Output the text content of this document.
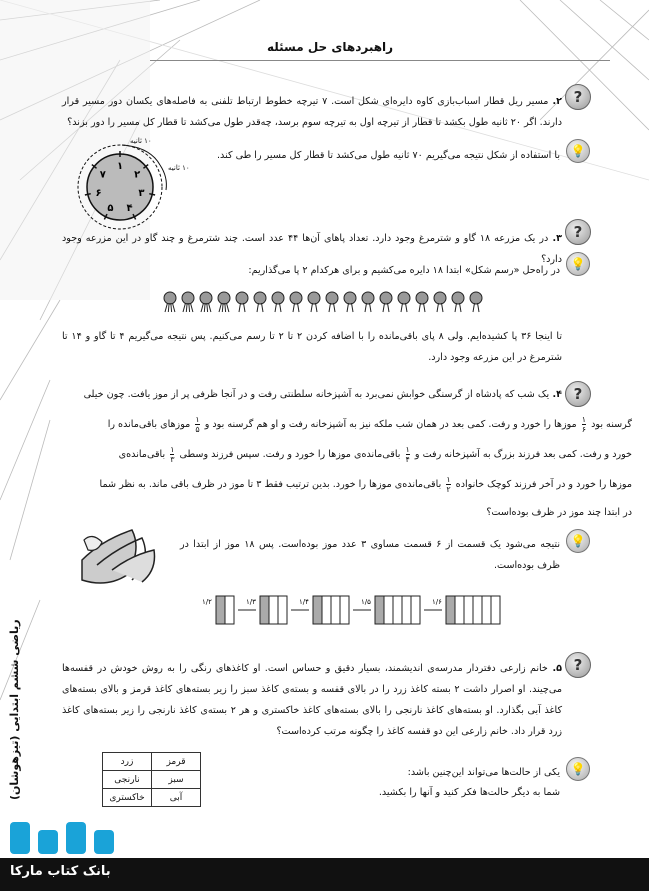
راهبردهای حل مسئله
ریاضی ششم ابتدایی (تیزهوشان)
?
۲. مسیر ریل قطار اسباب‌بازی کاوه دایره‌ای شکل است. ۷ تیرچه خطوط ارتباط تلفنی به فاصله‌های یکسان دور مسیر قرار دارند. اگر ۲۰ ثانیه طول بکشد تا قطار از تیرچه اول به تیرچه سوم برسد، چه‌قدر طول می‌کشد تا قطار کل مسیر را دور بزند؟
۱
۲
۳
۴
۵
۶
۷
۱۰ ثانیه
۱۰ ثانیه
💡
با استفاده از شکل نتیجه می‌گیریم ۷۰ ثانیه طول می‌کشد تا قطار کل مسیر را طی کند.
?
۳. در یک مزرعه ۱۸ گاو و شترمرغ وجود دارد. تعداد پاهای آن‌ها ۴۴ عدد است. چند شترمرغ و چند گاو در این مزرعه وجود دارد؟ 💡
در راه‌حل «رسم شکل» ابتدا ۱۸ دایره می‌کشیم و برای هرکدام ۲ پا می‌گذاریم:
تا اینجا ۳۶ پا کشیده‌ایم. ولی ۸ پای باقی‌مانده را با اضافه کردن ۲ تا ۲ تا رسم می‌کنیم. پس نتیجه می‌گیریم ۴ تا گاو و ۱۴ تا شترمرغ در این مزرعه وجود دارد.
?
۴. یک شب که پادشاه از گرسنگی خوابش نمی‌برد به آشپزخانه سلطنتی رفت و در آنجا ظرفی پر از موز یافت. چون خیلی
گرسنه بود
$\frac{۱}{۶}$
موزها را خورد و رفت. کمی بعد در همان شب ملکه نیز به آشپزخانه رفت و او هم گرسنه بود و
$\frac{۱}{۵}$
موزهای باقی‌مانده را
خورد و رفت. کمی بعد فرزند بزرگ به آشپزخانه رفت و
$\frac{۱}{۴}$
باقی‌مانده‌ی موزها را خورد و رفت. سپس فرزند وسطی
$\frac{۱}{۳}$
باقی‌مانده‌ی
موزها را خورد و در آخر فرزند کوچک خانواده
$\frac{۱}{۲}$
باقی‌مانده‌ی موزها را خورد. بدین ترتیب فقط ۳ تا موز در ظرف باقی ماند. به نظر شما
در ابتدا چند موز در ظرف بوده‌است؟
💡
نتیجه می‌شود یک قسمت از ۶ قسمت مساوی ۳ عدد موز بوده‌است. پس ۱۸ موز از ابتدا در ظرف بوده‌است.
۱/۶
۱/۵
۱/۴
۱/۳
۱/۲
?
۵. خانم زارعی دفتردار مدرسه‌ی اندیشمند، بسیار دقیق و حساس است. او کاغذهای رنگی را به روش خودش در قفسه‌ها می‌چیند. او اصرار داشت ۲ بسته کاغذ زرد را در بالای قفسه و بسته‌ی کاغذ سبز را زیر بسته‌های کاغذ قرمز و بالای بسته‌های کاغذ آبی بگذارد. او بسته‌های کاغذ نارنجی را بالای بسته‌های کاغذ خاکستری و هر ۲ بسته‌ی کاغذ نارنجی را زیر بسته‌های کاغذ زرد قرار داد. خانم زارعی این دو قفسه کاغذ را چگونه مرتب کرده‌است؟
قرمز	زرد
سبز	نارنجی
آبی	خاکستری
💡
یکی از حالت‌ها می‌تواند این‌چنین باشد:
شما به دیگر حالت‌ها فکر کنید و آنها را بکشید.
بانک کتاب مارکا
